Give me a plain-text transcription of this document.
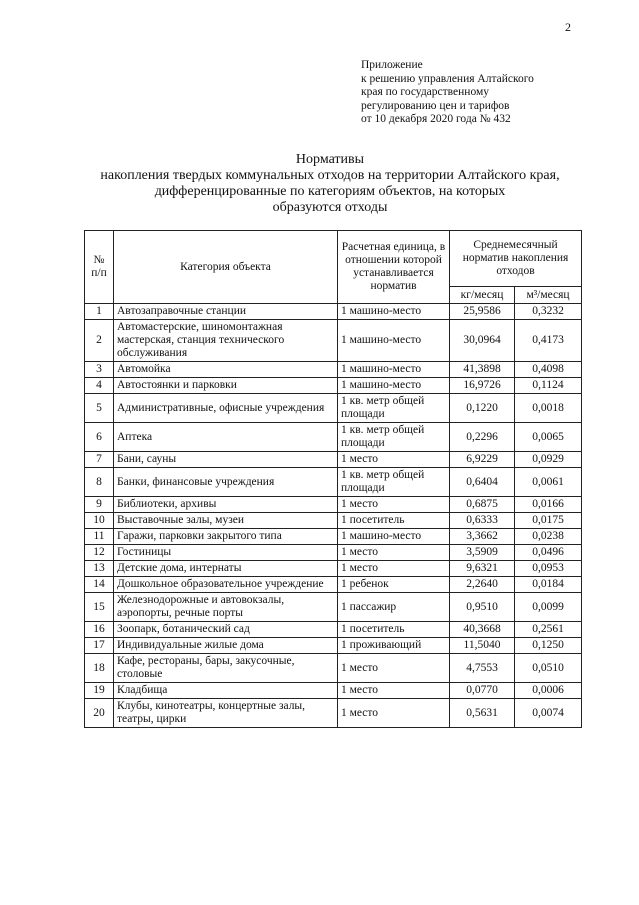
2
Приложение
к решению управления Алтайского
края по государственному
регулированию цен и тарифов
от 10 декабря 2020 года № 432
Нормативы
накопления твердых коммунальных отходов на территории Алтайского края,
дифференцированные по категориям объектов, на которых
образуются отходы
№ п/п	Категория объекта	Расчетная единица, в отношении которой устанавливается норматив	Среднемесячный норматив накопления отходов	
			кг/месяц	м³/месяц
1	Автозаправочные станции	1 машино-место	25,9586	0,3232
2	Автомастерские, шиномонтажная мастерская, станция технического обслуживания	1 машино-место	30,0964	0,4173
3	Автомойка	1 машино-место	41,3898	0,4098
4	Автостоянки и парковки	1 машино-место	16,9726	0,1124
5	Административные, офисные учреждения	1 кв. метр общей площади	0,1220	0,0018
6	Аптека	1 кв. метр общей площади	0,2296	0,0065
7	Бани, сауны	1 место	6,9229	0,0929
8	Банки, финансовые учреждения	1 кв. метр общей площади	0,6404	0,0061
9	Библиотеки, архивы	1 место	0,6875	0,0166
10	Выставочные залы, музеи	1 посетитель	0,6333	0,0175
11	Гаражи, парковки закрытого типа	1 машино-место	3,3662	0,0238
12	Гостиницы	1 место	3,5909	0,0496
13	Детские дома, интернаты	1 место	9,6321	0,0953
14	Дошкольное образовательное учреждение	1 ребенок	2,2640	0,0184
15	Железнодорожные и автовокзалы, аэропорты, речные порты	1 пассажир	0,9510	0,0099
16	Зоопарк, ботанический сад	1 посетитель	40,3668	0,2561
17	Индивидуальные жилые дома	1 проживающий	11,5040	0,1250
18	Кафе, рестораны, бары, закусочные, столовые	1 место	4,7553	0,0510
19	Кладбища	1 место	0,0770	0,0006
20	Клубы, кинотеатры, концертные залы, театры, цирки	1 место	0,5631	0,0074
